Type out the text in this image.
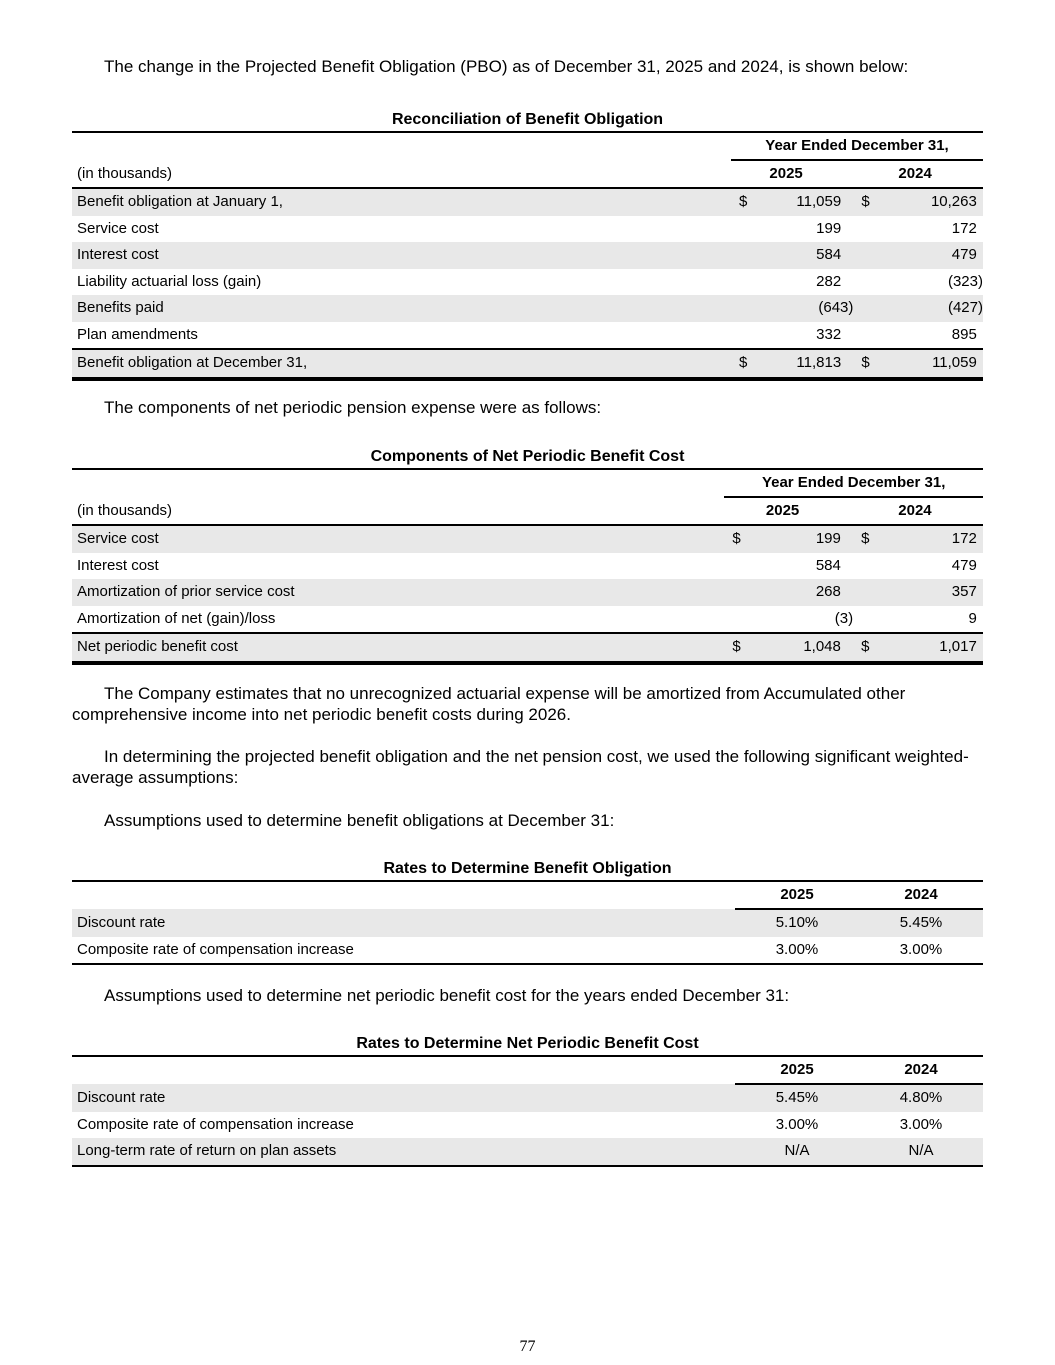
The change in the Projected Benefit Obligation (PBO) as of December 31, 2025 and 2024, is shown below:

Reconciliation of Benefit Obligation
	Year Ended December 31,					
(in thousands)	2025			2024		
Benefit obligation at January 1,	$	11,059		$	10,263	
Service cost		199			172	
Interest cost		584			479	
Liability actuarial loss (gain)		282			(323)	
Benefits paid		(643)			(427)	
Plan amendments		332			895	
Benefit obligation at December 31,	$	11,813		$	11,059	

The components of net periodic pension expense were as follows:

Components of Net Periodic Benefit Cost
	Year Ended December 31,					
(in thousands)	2025			2024		
Service cost	$	199		$	172	
Interest cost		584			479	
Amortization of prior service cost		268			357	
Amortization of net (gain)/loss		(3)			9	
Net periodic benefit cost	$	1,048		$	1,017	

The Company estimates that no unrecognized actuarial expense will be amortized from Accumulated other comprehensive income into net periodic benefit costs during 2026.

In determining the projected benefit obligation and the net pension cost, we used the following significant weighted-average assumptions:

Assumptions used to determine benefit obligations at December 31:

Rates to Determine Benefit Obligation
	2025	2024
Discount rate	5.10%	5.45%
Composite rate of compensation increase	3.00%	3.00%

Assumptions used to determine net periodic benefit cost for the years ended December 31:

Rates to Determine Net Periodic Benefit Cost
	2025	2024
Discount rate	5.45%	4.80%
Composite rate of compensation increase	3.00%	3.00%
Long-term rate of return on plan assets	N/A	N/A
77
